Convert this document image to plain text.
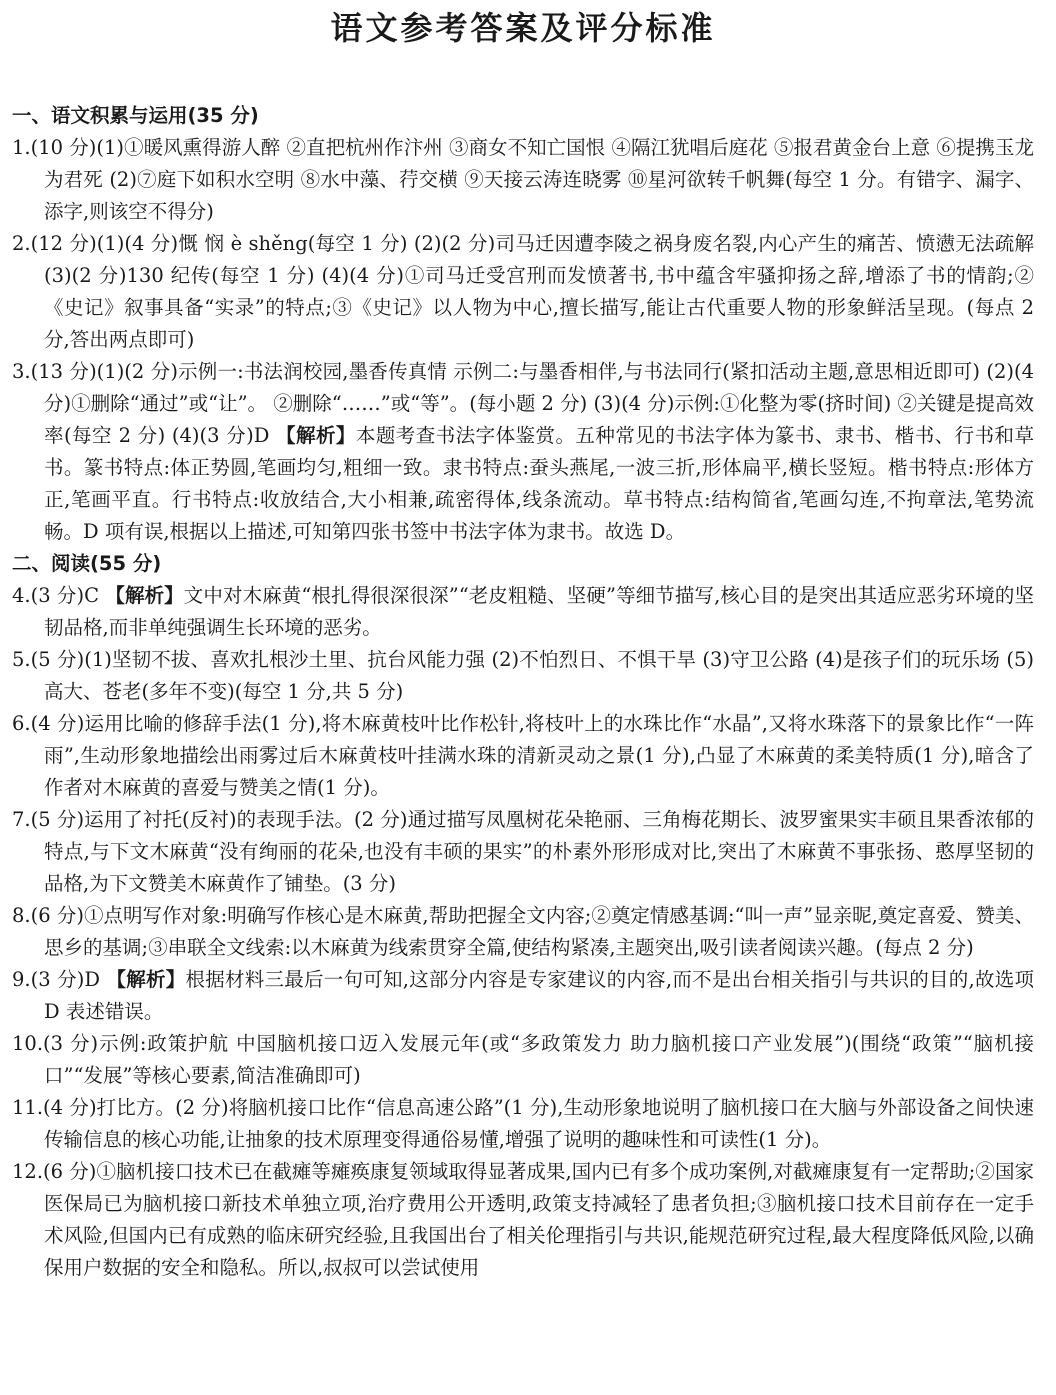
语文参考答案及评分标准
一、语文积累与运用(35 分)

1.(10 分)(1)①暖风熏得游人醉 ②直把杭州作汴州 ③商女不知亡国恨 ④隔江犹唱后庭花 ⑤报君黄金台上意 ⑥提携玉龙为君死 (2)⑦庭下如积水空明 ⑧水中藻、荇交横 ⑨天接云涛连晓雾 ⑩星河欲转千帆舞(每空 1 分。有错字、漏字、添字,则该空不得分)

2.(12 分)(1)(4 分)慨 悯 è shěng(每空 1 分) (2)(2 分)司马迁因遭李陵之祸身废名裂,内心产生的痛苦、愤懑无法疏解 (3)(2 分)130 纪传(每空 1 分) (4)(4 分)①司马迁受宫刑而发愤著书,书中蕴含牢骚抑扬之辞,增添了书的情韵;②《史记》叙事具备“实录”的特点;③《史记》以人物为中心,擅长描写,能让古代重要人物的形象鲜活呈现。(每点 2 分,答出两点即可)

3.(13 分)(1)(2 分)示例一:书法润校园,墨香传真情 示例二:与墨香相伴,与书法同行(紧扣活动主题,意思相近即可) (2)(4 分)①删除“通过”或“让”。 ②删除“……”或“等”。(每小题 2 分) (3)(4 分)示例:①化整为零(挤时间) ②关键是提高效率(每空 2 分) (4)(3 分)D 【解析】本题考查书法字体鉴赏。五种常见的书法字体为篆书、隶书、楷书、行书和草书。篆书特点:体正势圆,笔画均匀,粗细一致。隶书特点:蚕头燕尾,一波三折,形体扁平,横长竖短。楷书特点:形体方正,笔画平直。行书特点:收放结合,大小相兼,疏密得体,线条流动。草书特点:结构简省,笔画勾连,不拘章法,笔势流畅。D 项有误,根据以上描述,可知第四张书签中书法字体为隶书。故选 D。

二、阅读(55 分)

4.(3 分)C 【解析】文中对木麻黄“根扎得很深很深”“老皮粗糙、坚硬”等细节描写,核心目的是突出其适应恶劣环境的坚韧品格,而非单纯强调生长环境的恶劣。

5.(5 分)(1)坚韧不拔、喜欢扎根沙土里、抗台风能力强 (2)不怕烈日、不惧干旱 (3)守卫公路 (4)是孩子们的玩乐场 (5)高大、苍老(多年不变)(每空 1 分,共 5 分)

6.(4 分)运用比喻的修辞手法(1 分),将木麻黄枝叶比作松针,将枝叶上的水珠比作“水晶”,又将水珠落下的景象比作“一阵雨”,生动形象地描绘出雨雾过后木麻黄枝叶挂满水珠的清新灵动之景(1 分),凸显了木麻黄的柔美特质(1 分),暗含了作者对木麻黄的喜爱与赞美之情(1 分)。

7.(5 分)运用了衬托(反衬)的表现手法。(2 分)通过描写凤凰树花朵艳丽、三角梅花期长、波罗蜜果实丰硕且果香浓郁的特点,与下文木麻黄“没有绚丽的花朵,也没有丰硕的果实”的朴素外形形成对比,突出了木麻黄不事张扬、憨厚坚韧的品格,为下文赞美木麻黄作了铺垫。(3 分)

8.(6 分)①点明写作对象:明确写作核心是木麻黄,帮助把握全文内容;②奠定情感基调:“叫一声”显亲昵,奠定喜爱、赞美、思乡的基调;③串联全文线索:以木麻黄为线索贯穿全篇,使结构紧凑,主题突出,吸引读者阅读兴趣。(每点 2 分)

9.(3 分)D 【解析】根据材料三最后一句可知,这部分内容是专家建议的内容,而不是出台相关指引与共识的目的,故选项 D 表述错误。

10.(3 分)示例:政策护航 中国脑机接口迈入发展元年(或“多政策发力 助力脑机接口产业发展”)(围绕“政策”“脑机接口”“发展”等核心要素,简洁准确即可)

11.(4 分)打比方。(2 分)将脑机接口比作“信息高速公路”(1 分),生动形象地说明了脑机接口在大脑与外部设备之间快速传输信息的核心功能,让抽象的技术原理变得通俗易懂,增强了说明的趣味性和可读性(1 分)。

12.(6 分)①脑机接口技术已在截瘫等瘫痪康复领域取得显著成果,国内已有多个成功案例,对截瘫康复有一定帮助;②国家医保局已为脑机接口新技术单独立项,治疗费用公开透明,政策支持减轻了患者负担;③脑机接口技术目前存在一定手术风险,但国内已有成熟的临床研究经验,且我国出台了相关伦理指引与共识,能规范研究过程,最大程度降低风险,以确保用户数据的安全和隐私。所以,叔叔可以尝试使用
